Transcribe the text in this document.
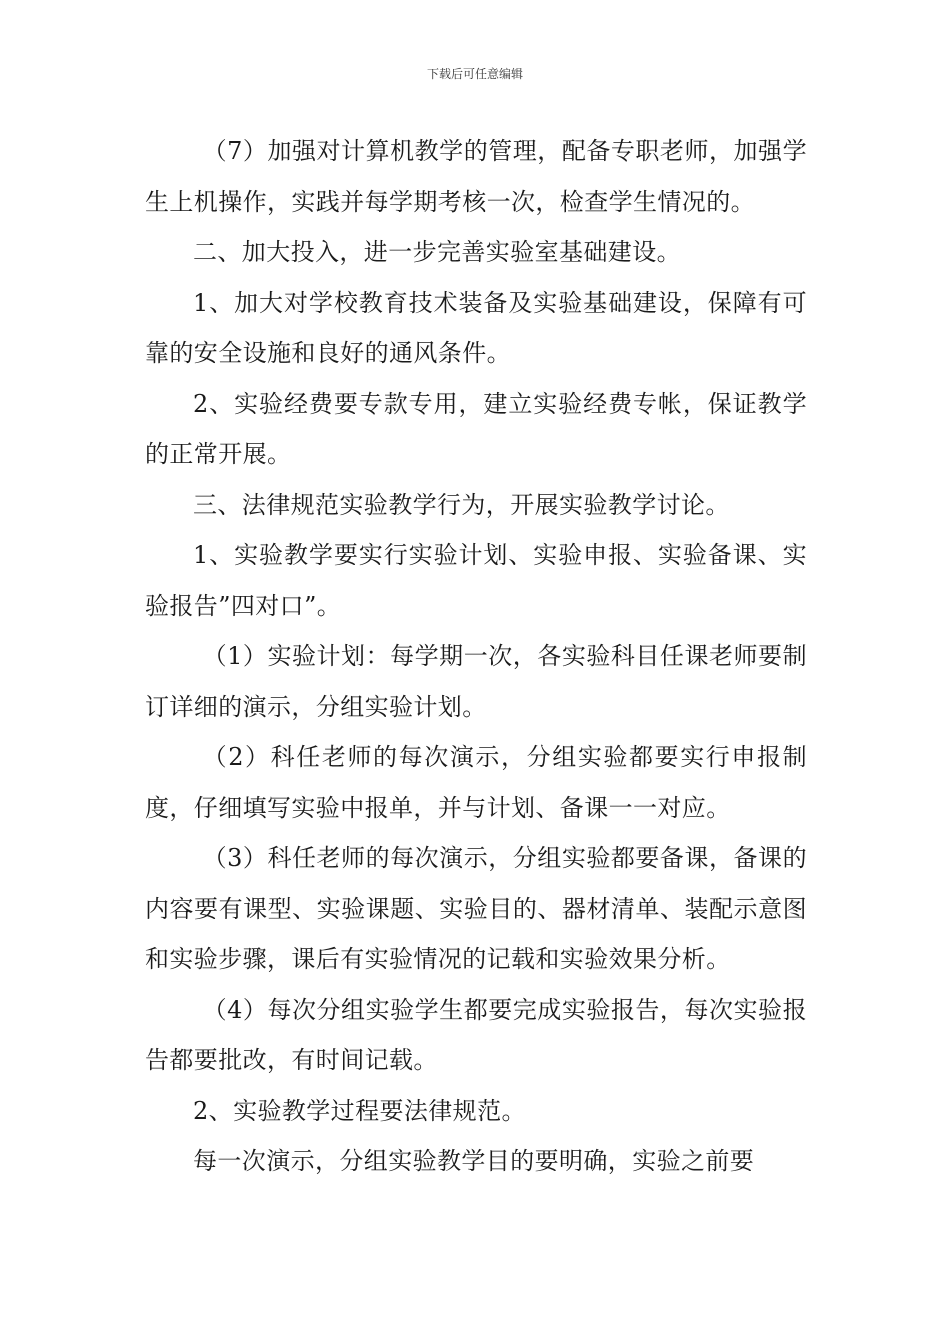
下载后可任意编辑

（7）加强对计算机教学的管理，配备专职老师，加强学生上机操作，实践并每学期考核一次，检查学生情况的。

二、加大投入，进一步完善实验室基础建设。

1、加大对学校教育技术装备及实验基础建设，保障有可靠的安全设施和良好的通风条件。

2、实验经费要专款专用，建立实验经费专帐，保证教学的正常开展。

三、法律规范实验教学行为，开展实验教学讨论。

1、实验教学要实行实验计划、实验申报、实验备课、实验报告”四对口”。

（1）实验计划：每学期一次，各实验科目任课老师要制订详细的演示，分组实验计划。

（2）科任老师的每次演示，分组实验都要实行申报制度，仔细填写实验中报单，并与计划、备课一一对应。

（3）科任老师的每次演示，分组实验都要备课，备课的内容要有课型、实验课题、实验目的、器材清单、装配示意图和实验步骤，课后有实验情况的记载和实验效果分析。

（4）每次分组实验学生都要完成实验报告，每次实验报告都要批改，有时间记载。

2、实验教学过程要法律规范。

每一次演示，分组实验教学目的要明确，实验之前要
